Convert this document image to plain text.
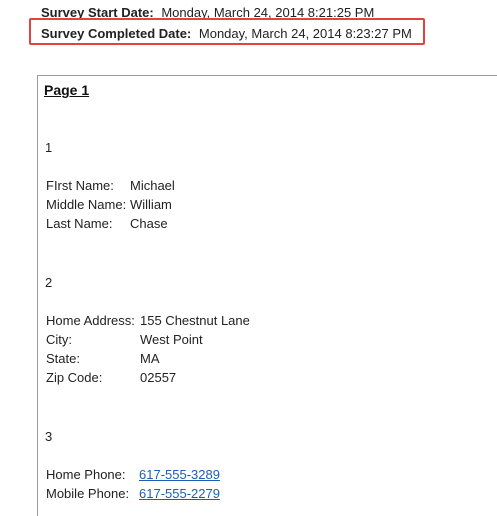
Survey Start Date: Monday, March 24, 2014 8:21:25 PM
Survey Completed Date: Monday, March 24, 2014 8:23:27 PM
Page 1
1
FIrst Name: Michael
Middle Name: William
Last Name: Chase
2
Home Address: 155 Chestnut Lane
City:	West Point
State:	MA
Zip Code:	02557
3
Home Phone: 617-555-3289
Mobile Phone: 617-555-2279
